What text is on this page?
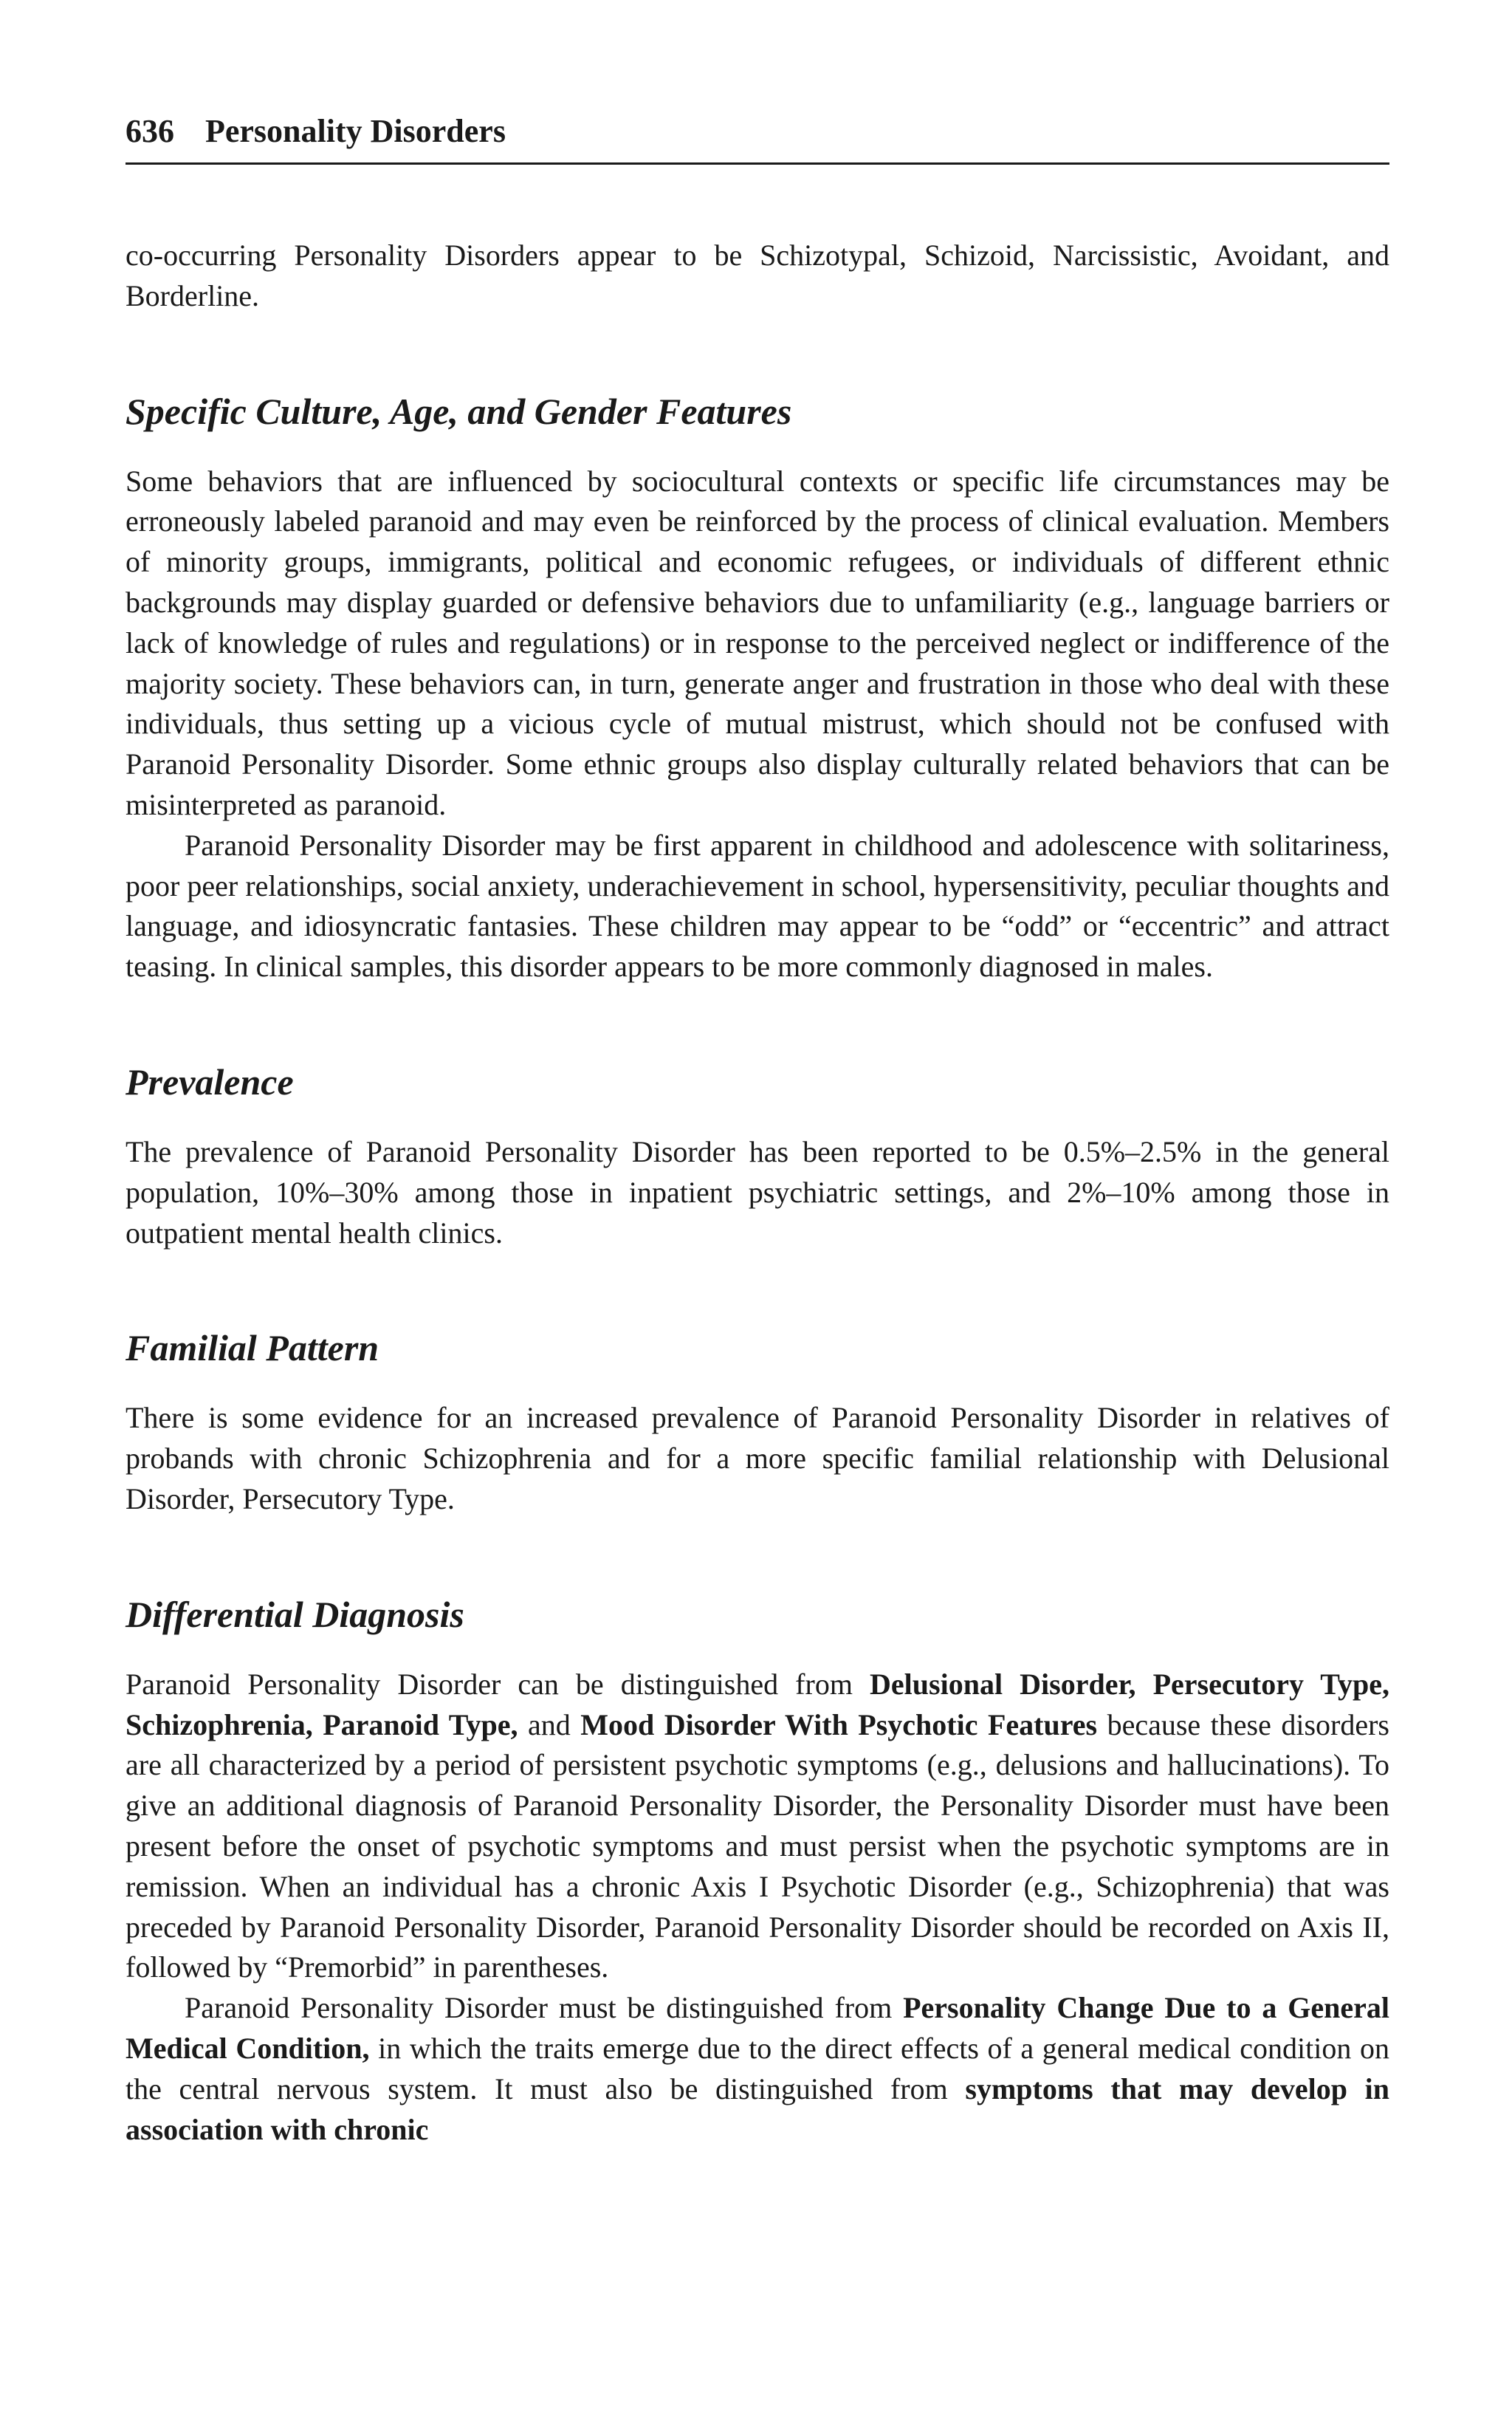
636 Personality Disorders

co-occurring Personality Disorders appear to be Schizotypal, Schizoid, Narcissistic, Avoidant, and Borderline.

Specific Culture, Age, and Gender Features

Some behaviors that are influenced by sociocultural contexts or specific life circumstances may be erroneously labeled paranoid and may even be reinforced by the process of clinical evaluation. Members of minority groups, immigrants, political and economic refugees, or individuals of different ethnic backgrounds may display guarded or defensive behaviors due to unfamiliarity (e.g., language barriers or lack of knowledge of rules and regulations) or in response to the perceived neglect or indifference of the majority society. These behaviors can, in turn, generate anger and frustration in those who deal with these individuals, thus setting up a vicious cycle of mutual mistrust, which should not be confused with Paranoid Personality Disorder. Some ethnic groups also display culturally related behaviors that can be misinterpreted as paranoid.

Paranoid Personality Disorder may be first apparent in childhood and adolescence with solitariness, poor peer relationships, social anxiety, underachievement in school, hypersensitivity, peculiar thoughts and language, and idiosyncratic fantasies. These children may appear to be “odd” or “eccentric” and attract teasing. In clinical samples, this disorder appears to be more commonly diagnosed in males.

Prevalence

The prevalence of Paranoid Personality Disorder has been reported to be 0.5%–2.5% in the general population, 10%–30% among those in inpatient psychiatric settings, and 2%–10% among those in outpatient mental health clinics.

Familial Pattern

There is some evidence for an increased prevalence of Paranoid Personality Disorder in relatives of probands with chronic Schizophrenia and for a more specific familial relationship with Delusional Disorder, Persecutory Type.

Differential Diagnosis

Paranoid Personality Disorder can be distinguished from Delusional Disorder, Persecutory Type, Schizophrenia, Paranoid Type, and Mood Disorder With Psychotic Features because these disorders are all characterized by a period of persistent psychotic symptoms (e.g., delusions and hallucinations). To give an additional diagnosis of Paranoid Personality Disorder, the Personality Disorder must have been present before the onset of psychotic symptoms and must persist when the psychotic symptoms are in remission. When an individual has a chronic Axis I Psychotic Disorder (e.g., Schizophrenia) that was preceded by Paranoid Personality Disorder, Paranoid Personality Disorder should be recorded on Axis II, followed by “Premorbid” in parentheses.

Paranoid Personality Disorder must be distinguished from Personality Change Due to a General Medical Condition, in which the traits emerge due to the direct effects of a general medical condition on the central nervous system. It must also be distinguished from symptoms that may develop in association with chronic
